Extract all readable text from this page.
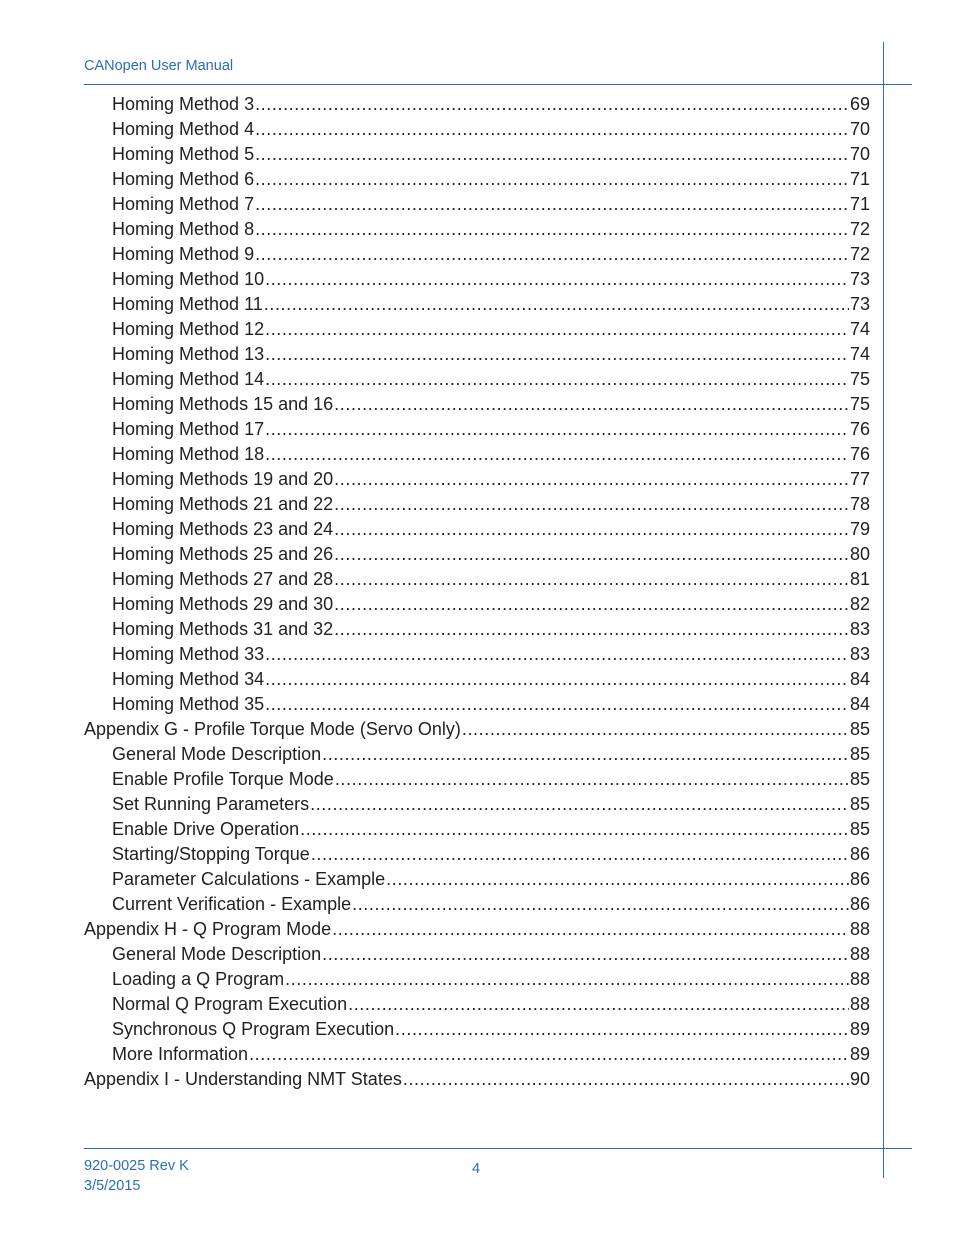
CANopen User Manual
Homing Method 3 .....	69
Homing Method 4 .....	70
Homing Method 5 .....	70
Homing Method 6 .....	71
Homing Method 7 .....	71
Homing Method 8 .....	72
Homing Method 9 .....	72
Homing Method 10 .....	73
Homing Method 11 .....	73
Homing Method 12 .....	74
Homing Method 13 .....	74
Homing Method 14 .....	75
Homing Methods 15 and 16 .....	75
Homing Method 17 .....	76
Homing Method 18 .....	76
Homing Methods 19 and 20 .....	77
Homing Methods 21 and 22 .....	78
Homing Methods 23 and 24 .....	79
Homing Methods 25 and 26 .....	80
Homing Methods 27 and 28 .....	81
Homing Methods 29 and 30 .....	82
Homing Methods 31 and 32 .....	83
Homing Method 33 .....	83
Homing Method 34 .....	84
Homing Method 35 .....	84
Appendix G - Profile Torque Mode (Servo Only) .....	85
General Mode Description .....	85
Enable Profile Torque Mode .....	85
Set Running Parameters .....	85
Enable Drive Operation .....	85
Starting/Stopping Torque .....	86
Parameter Calculations - Example .....	86
Current Verification - Example .....	86
Appendix H - Q Program Mode .....	88
General Mode Description .....	88
Loading a Q Program .....	88
Normal Q Program Execution .....	88
Synchronous Q Program Execution .....	89
More Information .....	89
Appendix I - Understanding NMT States .....	90
920-0025 Rev K
3/5/2015
4
